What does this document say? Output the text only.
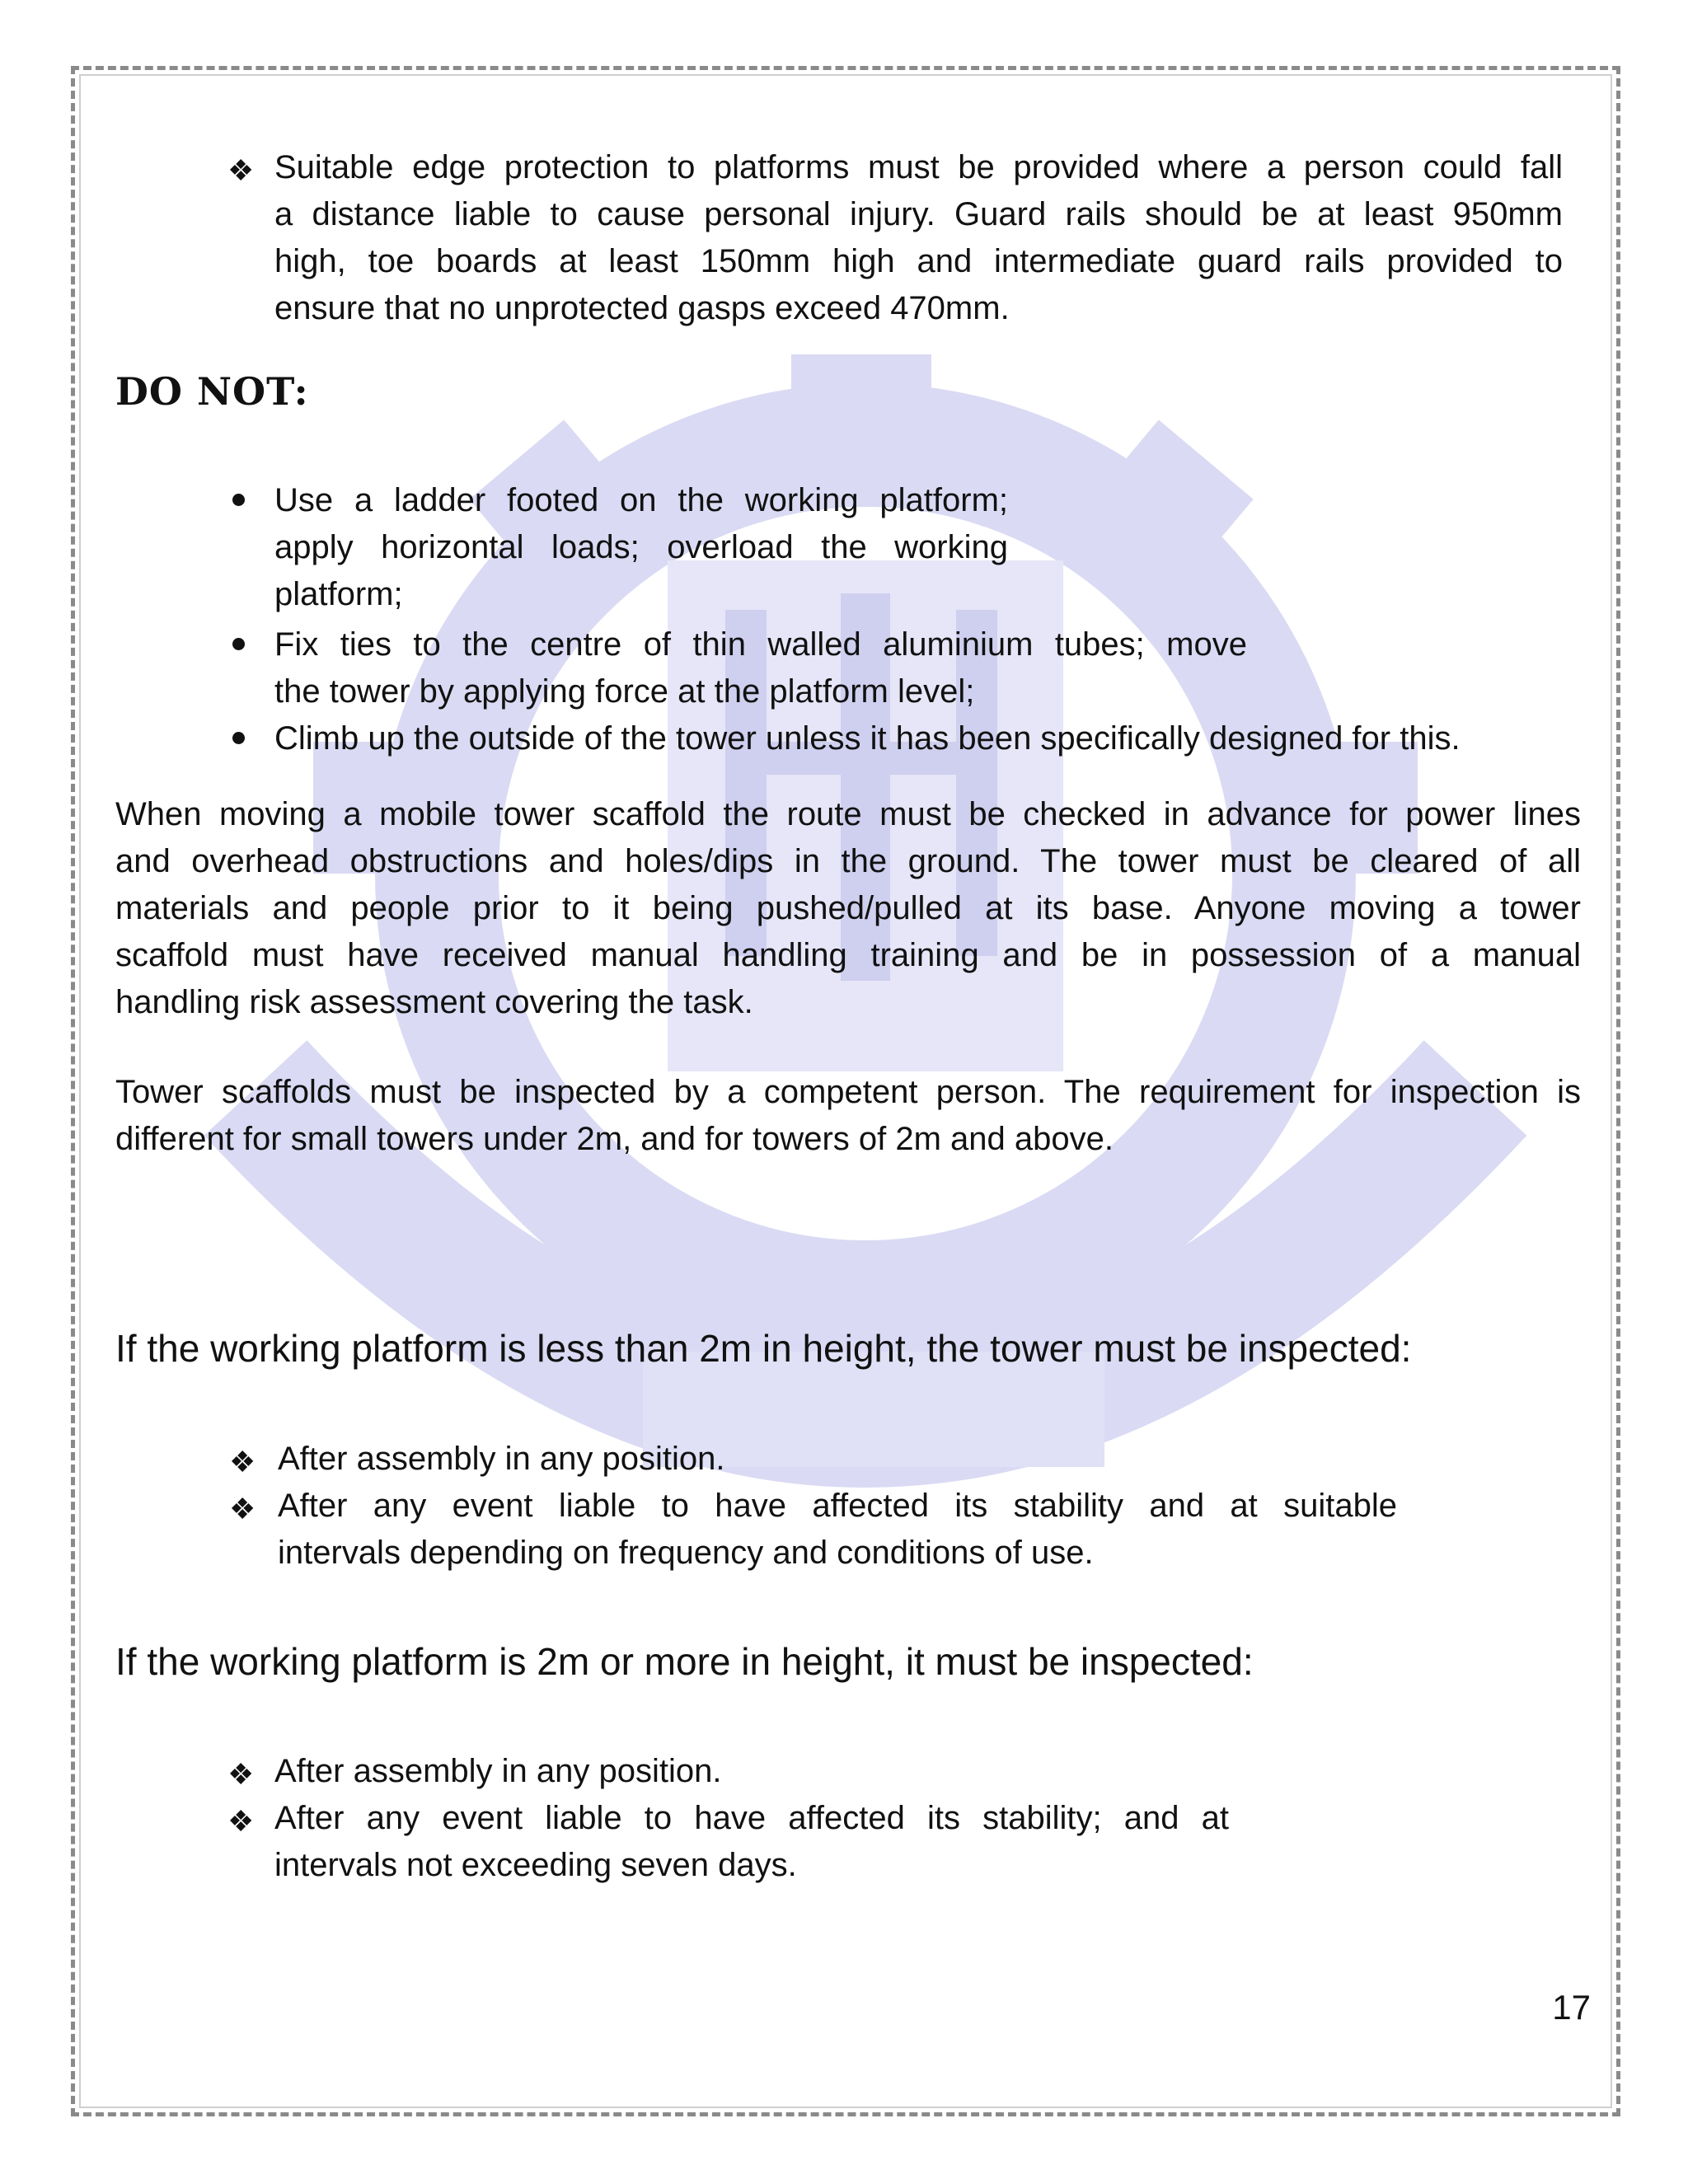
❖ Suitable edge protection to platforms must be provided where a person could fall
a distance liable to cause personal injury. Guard rails should be at least 950mm
high, toe boards at least 150mm high and intermediate guard rails provided to
ensure that no unprotected gasps exceed 470mm.
DO NOT:
Use a ladder footed on the working platform;
apply horizontal loads; overload the working
platform;
Fix ties to the centre of thin walled aluminium tubes; move
the tower by applying force at the platform level;
Climb up the outside of the tower unless it has been specifically designed for this.
When moving a mobile tower scaffold the route must be checked in advance for power lines
and overhead obstructions and holes/dips in the ground. The tower must be cleared of all
materials and people prior to it being pushed/pulled at its base. Anyone moving a tower
scaffold must have received manual handling training and be in possession of a manual
handling risk assessment covering the task.
Tower scaffolds must be inspected by a competent person. The requirement for inspection is
different for small towers under 2m, and for towers of 2m and above.
If the working platform is less than 2m in height, the tower must be inspected:
❖ After assembly in any position.
❖ After any event liable to have affected its stability and at suitable
intervals depending on frequency and conditions of use.
If the working platform is 2m or more in height, it must be inspected:
❖ After assembly in any position.
❖ After any event liable to have affected its stability; and at
intervals not exceeding seven days.
17
